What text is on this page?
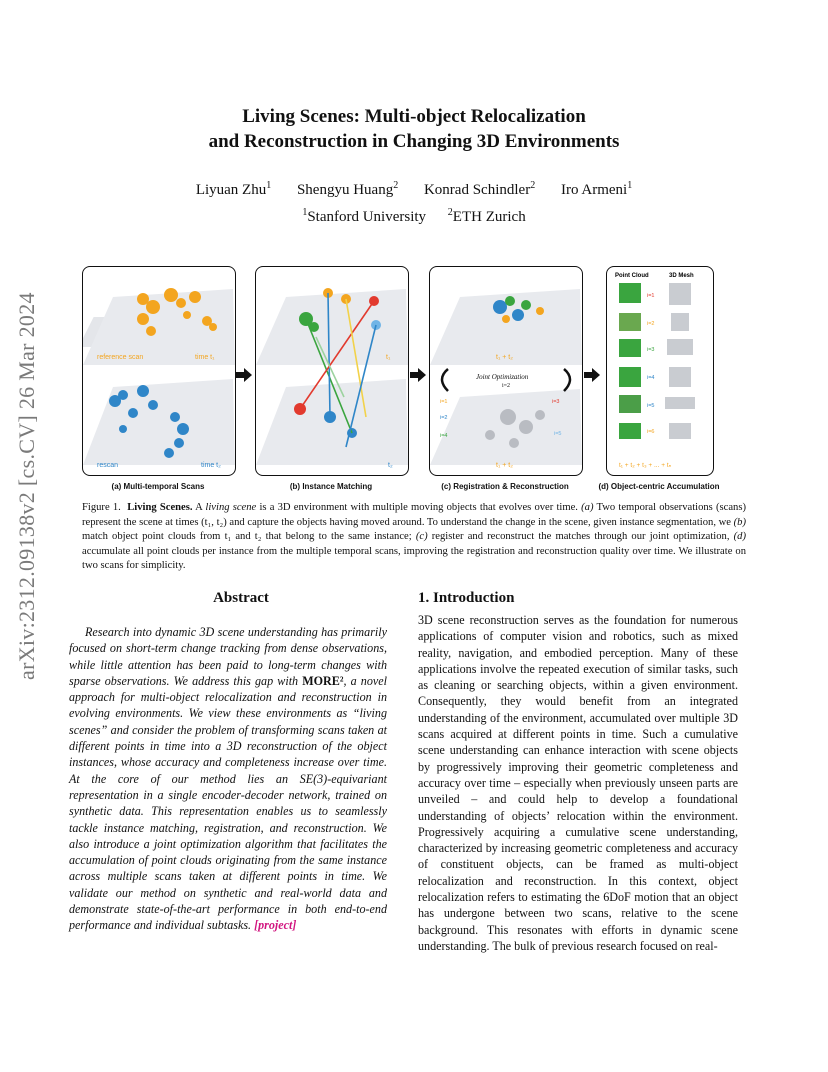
arXiv:2312.09138v2 [cs.CV] 26 Mar 2024
Living Scenes: Multi-object Relocalization
and Reconstruction in Changing 3D Environments
Liyuan Zhu$^1$ Shengyu Huang$^2$ Konrad Schindler$^2$ Iro Armeni$^1$
$^1$Stanford University $^2$ETH Zurich
reference scan	time t₁
rescan	time t₂
t₁
t₂
t₁ + t₂
Joint Optimization
i=2
i=1
i=2
i=3
i=4	i=5
t₁ + t₂
Point Cloud	3D Mesh
i=1
i=2
i=3
i=4
i=5
i=6
t₁ + t₂ + t₃ + ... + tₙ
(a) Multi-temporal Scans	(b) Instance Matching	(c) Registration & Reconstruction	(d) Object-centric Accumulation
Figure 1. Living Scenes. A living scene is a 3D environment with multiple moving objects that evolves over time. (a) Two temporal observations (scans) represent the scene at times (t₁, t₂) and capture the objects having moved around. To understand the change in the scene, given instance segmentation, we (b) match object point clouds from t₁ and t₂ that belong to the same instance; (c) register and reconstruct the matches through our joint optimization, (d) accumulate all point clouds per instance from the multiple temporal scans, improving the registration and reconstruction quality over time. We illustrate on two scans for simplicity.
Abstract

Research into dynamic 3D scene understanding has primarily focused on short-term change tracking from dense observations, while little attention has been paid to long-term changes with sparse observations. We address this gap with MORE², a novel approach for multi-object relocalization and reconstruction in evolving environments. We view these environments as “living scenes” and consider the problem of transforming scans taken at different points in time into a 3D reconstruction of the object instances, whose accuracy and completeness increase over time. At the core of our method lies an SE(3)-equivariant representation in a single encoder-decoder network, trained on synthetic data. This representation enables us to seamlessly tackle instance matching, registration, and reconstruction. We also introduce a joint optimization algorithm that facilitates the accumulation of point clouds originating from the same instance across multiple scans taken at different points in time. We validate our method on synthetic and real-world data and demonstrate state-of-the-art performance in both end-to-end performance and individual subtasks. [project]

1. Introduction

3D scene reconstruction serves as the foundation for numerous applications of computer vision and robotics, such as mixed reality, navigation, and embodied perception. Many of these applications involve the repeated execution of similar tasks, such as cleaning or searching objects, within a given environment. Consequently, they would benefit from an integrated understanding of the environment, accumulated over multiple 3D scans acquired at different points in time. Such a cumulative scene understanding can enhance interaction with scene objects by progressively improving their geometric completeness and accuracy over time – especially when previously unseen parts are unveiled – and could help to develop a foundational understanding of objects’ relocation within the environment. Progressively acquiring a cumulative scene understanding, characterized by increasing geometric completeness and accuracy of constituent objects, can be framed as multi-object relocalization and reconstruction. In this context, object relocalization refers to estimating the 6DoF motion that an object has undergone between two scans, relative to the scene background. This resonates with efforts in dynamic scene understanding. The bulk of previous research focused on real-
